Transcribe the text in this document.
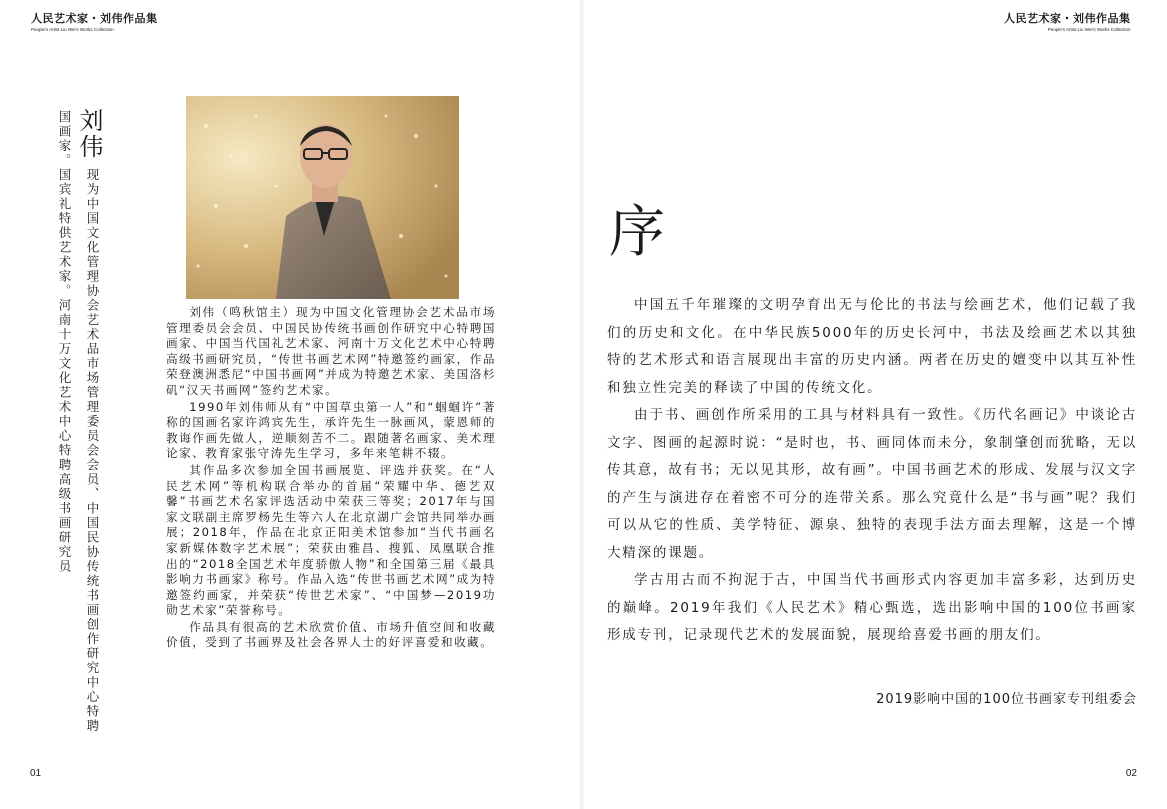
人民艺术家・刘伟作品集
People's Artist Liu Wei's Works Collection
刘伟
现为中国文化管理协会艺术品市场管理委员会会员、中国民协传统书画创作研究中心特聘
国画家。国宾礼特供艺术家。河南十万文化艺术中心特聘高级书画研究员	刘伟（鸣秋馆主）现为中国文化管理协会艺术品市场管理委员会会员、中国民协传统书画创作研究中心特聘国画家、中国当代国礼艺术家、河南十万文化艺术中心特聘高级书画研究员，“传世书画艺术网”特邀签约画家，作品荣登澳洲悉尼“中国书画网”并成为特邀艺术家、美国洛杉矶“汉天书画网”签约艺术家。

1990年刘伟师从有“中国草虫第一人”和“蝈蝈许”著称的国画名家许鸿宾先生，承许先生一脉画风，蒙恩师的教诲作画先做人，逆顺刻苦不二。跟随著名画家、美术理论家、教育家张守涛先生学习，多年来笔耕不辍。

其作品多次参加全国书画展览、评选并获奖。在“人民艺术网”等机构联合举办的首届“荣耀中华、德艺双馨”书画艺术名家评选活动中荣获三等奖；2017年与国家文联副主席罗杨先生等六人在北京湖广会馆共同举办画展；2018年，作品在北京正阳美术馆参加“当代书画名家新媒体数字艺术展”；荣获由雅昌、搜狐、凤凰联合推出的“2018全国艺术年度骄傲人物”和全国第三届《最具影响力书画家》称号。作品入选“传世书画艺术网”成为特邀签约画家，并荣获“传世艺术家”、“中国梦—2019功勋艺术家”荣誉称号。

作品具有很高的艺术欣赏价值、市场升值空间和收藏价值，受到了书画界及社会各界人士的好评喜爱和收藏。

01
人民艺术家・刘伟作品集
People's Artist Liu Wei's Works Collection
序

中国五千年璀璨的文明孕育出无与伦比的书法与绘画艺术，他们记载了我们的历史和文化。在中华民族5000年的历史长河中，书法及绘画艺术以其独特的艺术形式和语言展现出丰富的历史内涵。两者在历史的嬗变中以其互补性和独立性完美的释读了中国的传统文化。

由于书、画创作所采用的工具与材料具有一致性。《历代名画记》中谈论古文字、图画的起源时说：“是时也，书、画同体而未分，象制肇创而犹略，无以传其意，故有书；无以见其形，故有画”。中国书画艺术的形成、发展与汉文字的产生与演进存在着密不可分的连带关系。那么究竟什么是“书与画”呢？我们可以从它的性质、美学特征、源泉、独特的表现手法方面去理解，这是一个博大精深的课题。

学古用古而不拘泥于古，中国当代书画形式内容更加丰富多彩，达到历史的巅峰。2019年我们《人民艺术》精心甄选，选出影响中国的100位书画家形成专刊，记录现代艺术的发展面貌，展现给喜爱书画的朋友们。

2019影响中国的100位书画家专刊组委会
02
